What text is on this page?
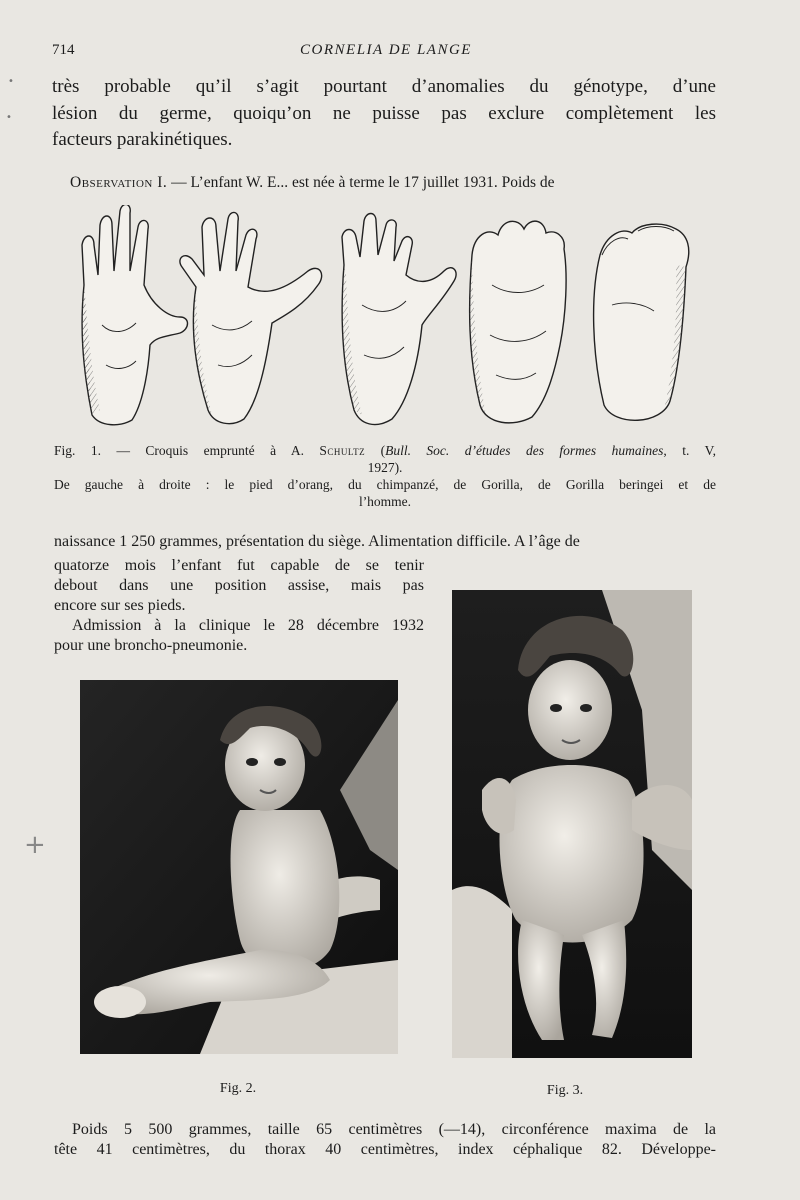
714	CORNELIA DE LANGE
•
•
très probable qu’il s’agit pourtant d’anomalies du génotype, d’une
lésion du germe, quoiqu’on ne puisse pas exclure complètement les
facteurs parakinétiques.
Observation I. — L’enfant W. E... est née à terme le 17 juillet 1931. Poids de
Fig. 1. — Croquis emprunté à A. Schultz (Bull. Soc. d’études des formes humaines, t. V,
1927).
De gauche à droite : le pied d’orang, du chimpanzé, de Gorilla, de Gorilla beringei et de
l’homme.
naissance 1 250 grammes, présentation du siège. Alimentation difficile. A l’âge de
quatorze mois l’enfant fut capable de se tenir
debout dans une position assise, mais pas
encore sur ses pieds.
Admission à la clinique le 28 décembre 1932
pour une broncho-pneumonie.
Fig. 2.	Fig. 3.
+
Poids 5 500 grammes, taille 65 centimètres (—14), circonférence maxima de la
tête 41 centimètres, du thorax 40 centimètres, index céphalique 82. Développe-
